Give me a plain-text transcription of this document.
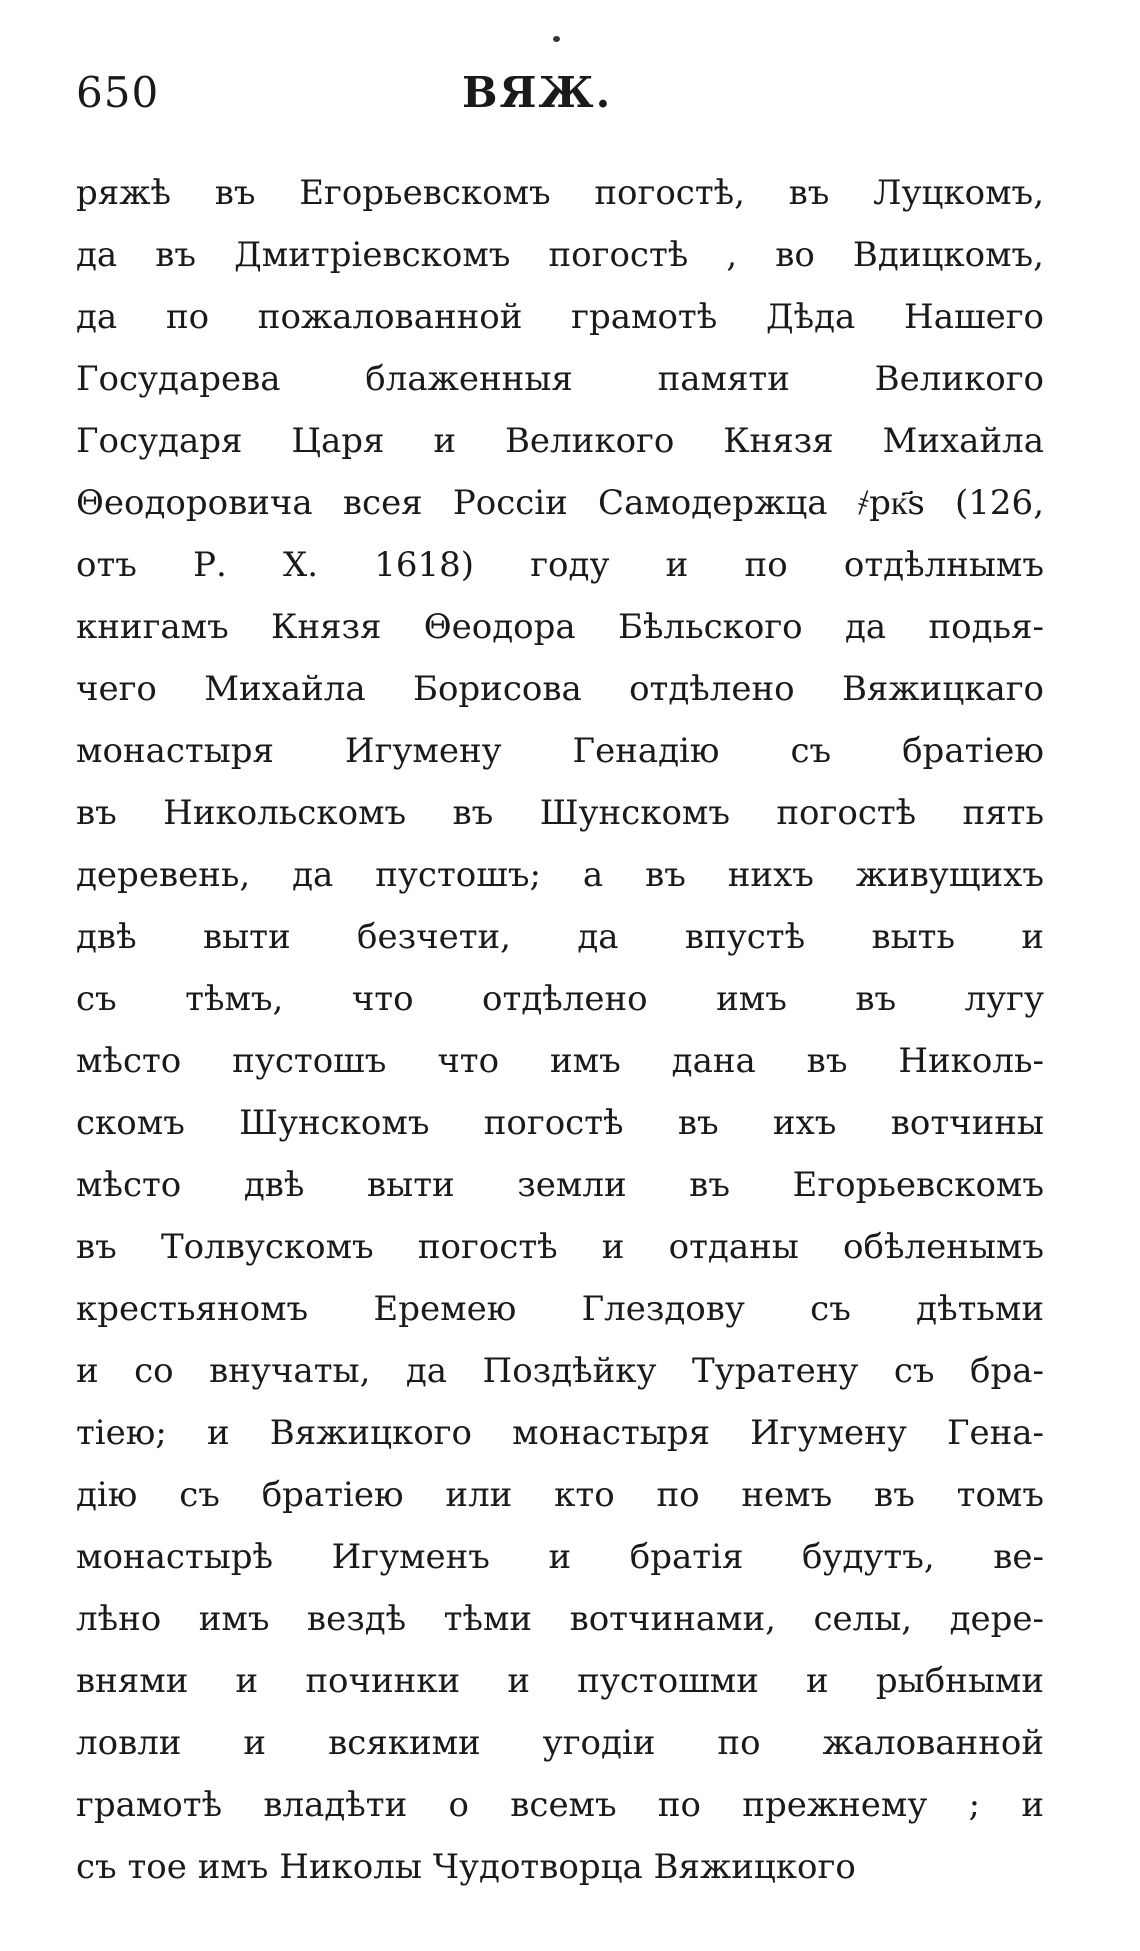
650	ВЯЖ.
ряжѣ въ Егорьевскомъ погостѣ, въ Луцкомъ,
да въ Дмитрiевскомъ погостѣ , во Вдицкомъ,
да по пожалованной грамотѣ Дѣда Нашего
Государева блаженныя памяти Великого
Государя Царя и Великого Князя Михайла
Θеодоровича всея Россiи Самодержца ҂рк҃s (126,
отъ Р. Х. 1618) году и по отдѣлнымъ
книгамъ Князя Θеодора Бѣльского да подья-
чего Михайла Борисова отдѣлено Вяжицкаго
монастыря Игумену Генадiю съ братiею
въ Никольскомъ въ Шунскомъ погостѣ пять
деревень, да пустошъ; а въ нихъ живущихъ
двѣ выти безчети, да впустѣ выть и
съ тѣмъ, что отдѣлено имъ въ лугу
мѣсто пустошъ что имъ дана въ Николь-
скомъ Шунскомъ погостѣ въ ихъ вотчины
мѣсто двѣ выти земли въ Егорьевскомъ
въ Толвускомъ погостѣ и отданы обѣленымъ
крестьяномъ Еремею Глездову съ дѣтьми
и со внучаты, да Поздѣйку Туратену съ бра-
тiею; и Вяжицкого монастыря Игумену Гена-
дiю съ братiею или кто по немъ въ томъ
монастырѣ Игуменъ и братiя будутъ, ве-
лѣно имъ вездѣ тѣми вотчинами, селы, дере-
внями и починки и пустошми и рыбными
ловли и всякими угодiи по жалованной
грамотѣ владѣти о всемъ по прежнему ; и
съ тое имъ Николы Чудотворца Вяжицкого
